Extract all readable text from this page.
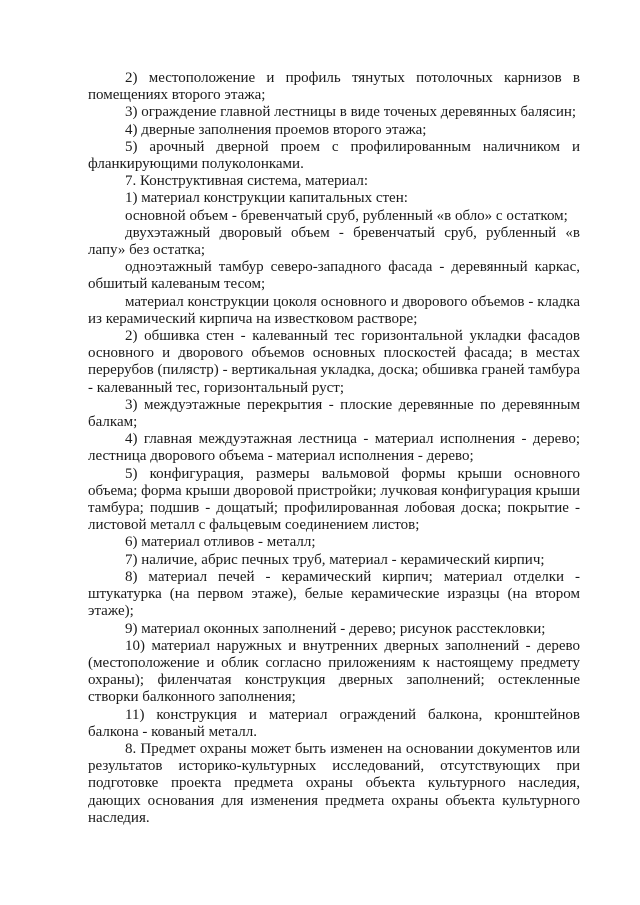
2) местоположение и профиль тянутых потолочных карнизов в помещениях второго этажа;

3) ограждение главной лестницы в виде точеных деревянных балясин;

4) дверные заполнения проемов второго этажа;

5) арочный дверной проем с профилированным наличником и фланкирующими полуколонками.

7. Конструктивная система, материал:

1) материал конструкции капитальных стен:

основной объем - бревенчатый сруб, рубленный «в обло» с остатком;

двухэтажный дворовый объем - бревенчатый сруб, рубленный «в лапу» без остатка;

одноэтажный тамбур северо-западного фасада - деревянный каркас, обшитый калеваным тесом;

материал конструкции цоколя основного и дворового объемов - кладка из керамический кирпича на известковом растворе;

2) обшивка стен - калеванный тес горизонтальной укладки фасадов основного и дворового объемов основных плоскостей фасада; в местах перерубов (пилястр) - вертикальная укладка, доска; обшивка граней тамбура - калеванный тес, горизонтальный руст;

3) междуэтажные перекрытия - плоские деревянные по деревянным балкам;

4) главная междуэтажная лестница - материал исполнения - дерево; лестница дворового объема - материал исполнения - дерево;

5) конфигурация, размеры вальмовой формы крыши основного объема; форма крыши дворовой пристройки; лучковая конфигурация крыши тамбура; подшив - дощатый; профилированная лобовая доска; покрытие - листовой металл с фальцевым соединением листов;

6) материал отливов - металл;

7) наличие, абрис печных труб, материал - керамический кирпич;

8) материал печей - керамический кирпич; материал отделки - штукатурка (на первом этаже), белые керамические изразцы (на втором этаже);

9) материал оконных заполнений - дерево; рисунок расстекловки;

10) материал наружных и внутренних дверных заполнений - дерево (местоположение и облик согласно приложениям к настоящему предмету охраны); филенчатая конструкция дверных заполнений; остекленные створки балконного заполнения;

11) конструкция и материал ограждений балкона, кронштейнов балкона - кованый металл.

8. Предмет охраны может быть изменен на основании документов или результатов историко-культурных исследований, отсутствующих при подготовке проекта предмета охраны объекта культурного наследия, дающих основания для изменения предмета охраны объекта культурного наследия.
